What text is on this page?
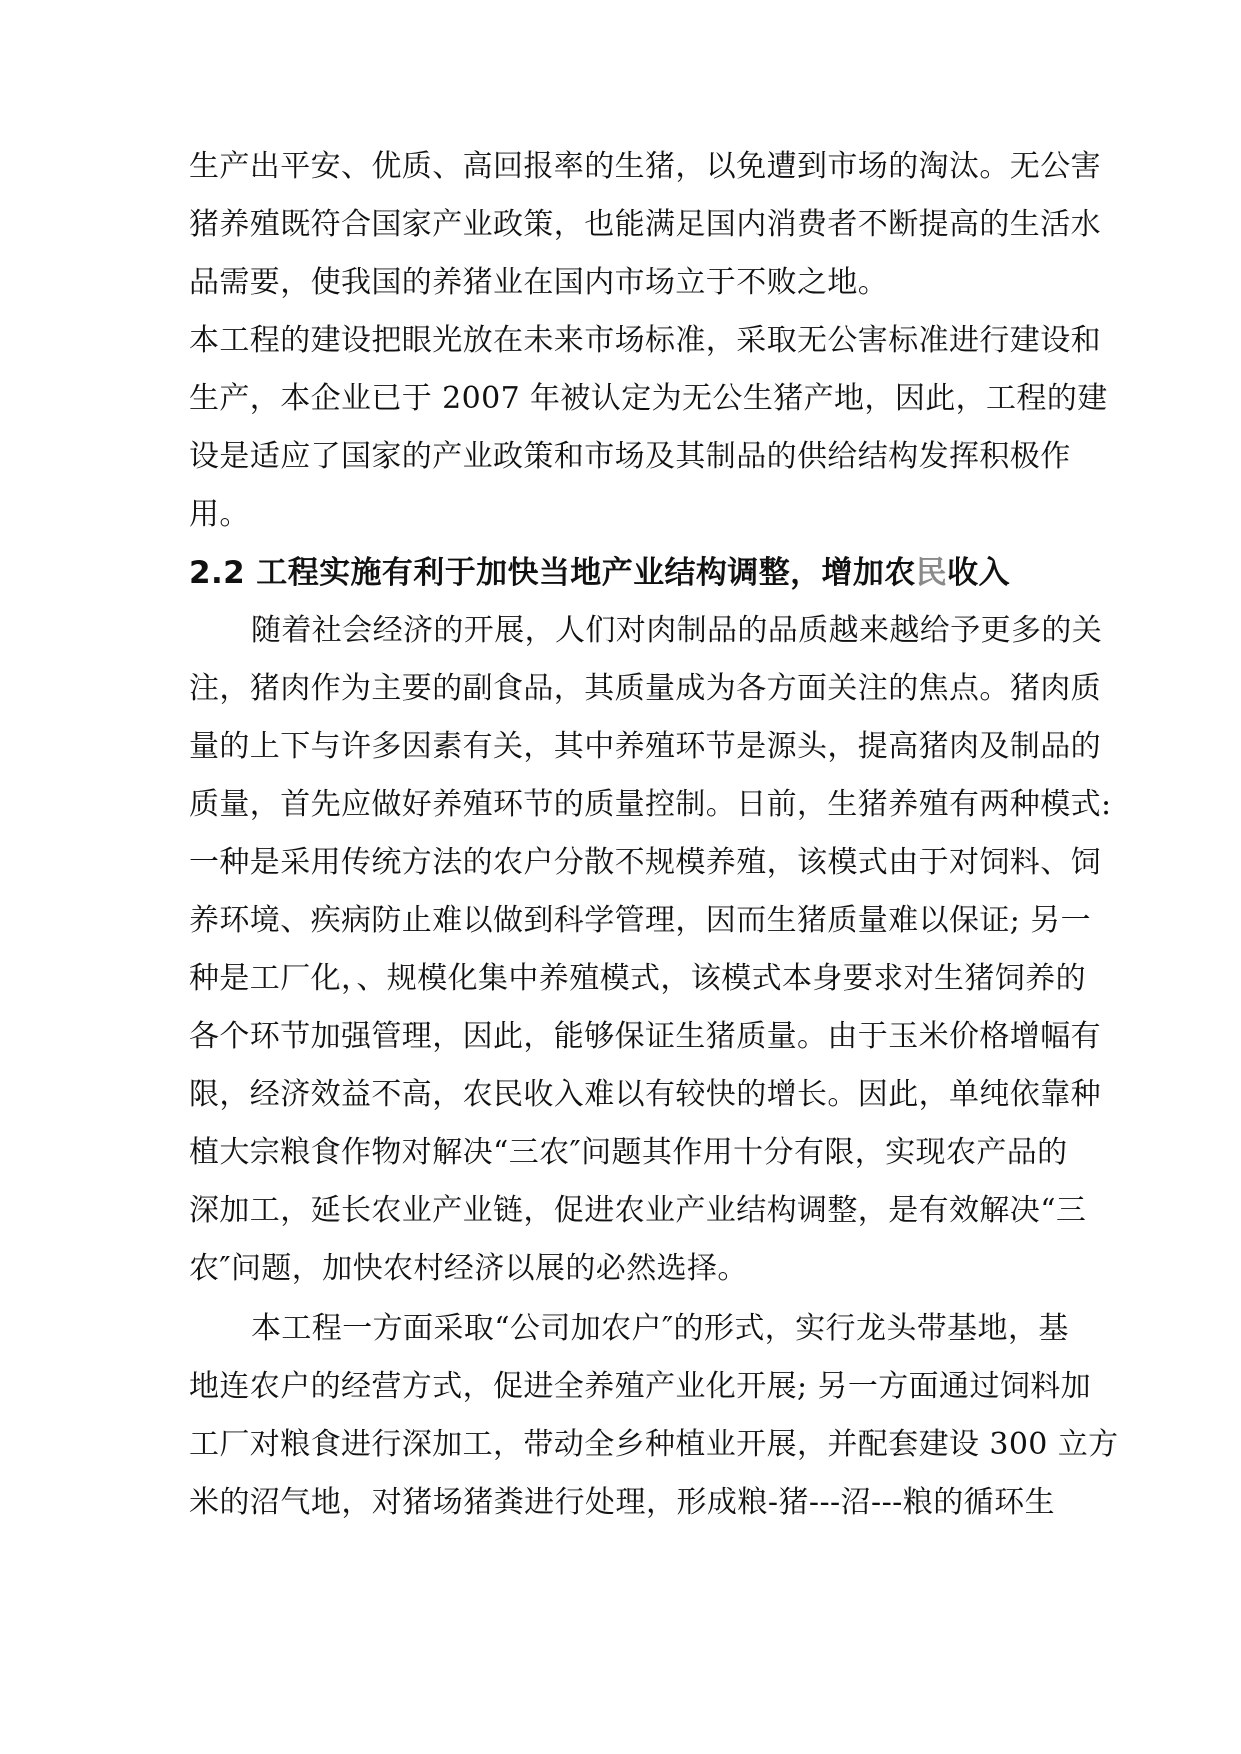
生产出平安、优质、高回报率的生猪，以免遭到市场的淘汰。无公害
猪养殖既符合国家产业政策，也能满足国内消费者不断提高的生活水
品需要，使我国的养猪业在国内市场立于不败之地。
本工程的建设把眼光放在未来市场标准，采取无公害标准进行建设和
生产，本企业已于 2007 年被认定为无公生猪产地，因此，工程的建
设是适应了国家的产业政策和市场及其制品的供给结构发挥积极作
用。
2.2 工程实施有利于加快当地产业结构调整，增加农民收入
随着社会经济的开展，人们对肉制品的品质越来越给予更多的关
注，猪肉作为主要的副食品，其质量成为各方面关注的焦点。猪肉质
量的上下与许多因素有关，其中养殖环节是源头，提高猪肉及制品的
质量，首先应做好养殖环节的质量控制。日前，生猪养殖有两种模式:
一种是采用传统方法的农户分散不规模养殖，该模式由于对饲料、饲
养环境、疾病防止难以做到科学管理，因而生猪质量难以保证; 另一
种是工厂化，、规模化集中养殖模式，该模式本身要求对生猪饲养的
各个环节加强管理，因此，能够保证生猪质量。由于玉米价格增幅有
限，经济效益不高，农民收入难以有较快的增长。因此，单纯依靠种
植大宗粮食作物对解决“三农″问题其作用十分有限，实现农产品的
深加工，延长农业产业链，促进农业产业结构调整，是有效解决“三
农″问题，加快农村经济以展的必然选择。
本工程一方面采取“公司加农户″的形式，实行龙头带基地，基
地连农户的经营方式，促进全养殖产业化开展; 另一方面通过饲料加
工厂对粮食进行深加工，带动全乡种植业开展，并配套建设 300 立方
米的沼气地，对猪场猪粪进行处理，形成粮-猪---沼---粮的循环生
